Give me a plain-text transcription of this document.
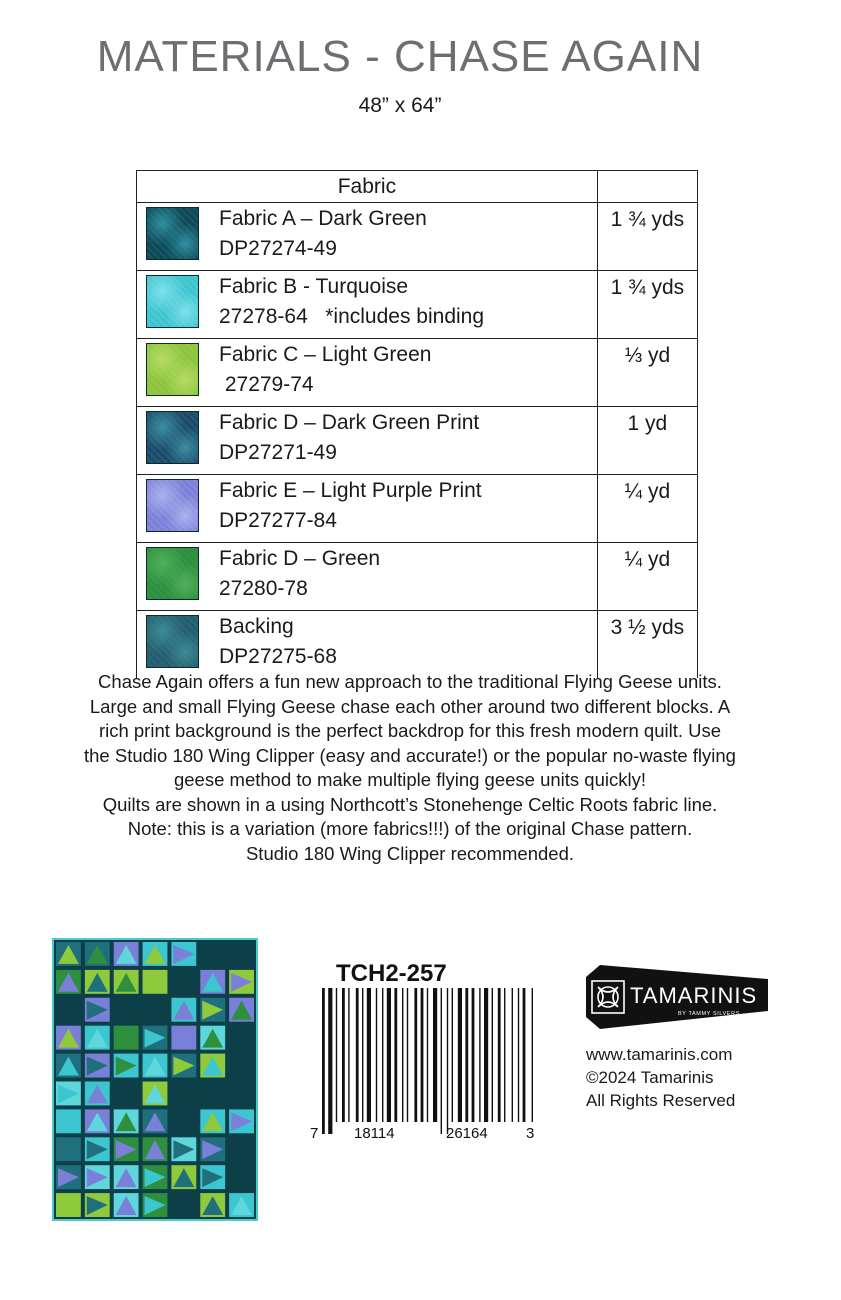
MATERIALS - CHASE AGAIN
48” x 64”
Fabric	

Fabric A – Dark Green
DP27274-49	1 ¾ yds

Fabric B - Turquoise
27278-64   *includes binding	1 ¾ yds

Fabric C – Light Green
27279-74	⅓ yd

Fabric D – Dark Green Print
DP27271-49	1 yd

Fabric E – Light Purple Print
DP27277-84	¼ yd

Fabric D – Green
27280-78	¼ yd

Backing
DP27275-68	3 ½ yds
Chase Again offers a fun new approach to the traditional Flying Geese units.
Large and small Flying Geese chase each other around two different blocks. A
rich print background is the perfect backdrop for this fresh modern quilt. Use
the Studio 180 Wing Clipper (easy and accurate!) or the popular no-waste flying
geese method to make multiple flying geese units quickly!
Quilts are shown in a using Northcott’s Stonehenge Celtic Roots fabric line.
Note: this is a variation (more fabrics!!!) of the original Chase pattern.
Studio 180 Wing Clipper recommended.
TCH2-257
7 18114	26164	3
TAMARINIS
BY TAMMY SILVERS
www.tamarinis.com
©2024 Tamarinis
All Rights Reserved
